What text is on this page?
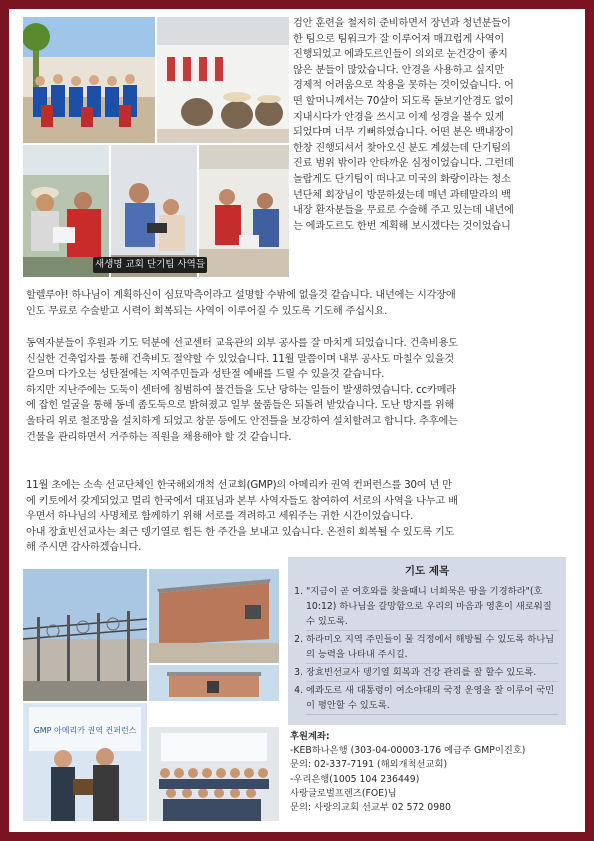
새생명 교회 단기팀 사역들
검안 훈련을 철저히 준비하면서 장년과 청년분들이
한 팀으로 팀워크가 잘 이루어져 매끄럽게 사역이
진행되었고 에콰도르인들이 의외로 눈건강이 좋지
않은 분들이 많았습니다. 안경을 사용하고 싶지만
경제적 어려움으로 착용을 못하는 것이었습니다. 어
떤 할머니께서는 70살이 되도록 돋보기안경도 없이
지내시다가 안경을 쓰시고 이제 성경을 볼수 있게
되었다며 너무 기뻐하였습니다. 어떤 분은 백내장이
한창 진행되셔서 찾아오신 분도 계셨는데 단기팀의
진료 범위 밖이라 안타까운 심정이었습니다. 그런데
놀랍게도 단기팀이 떠나고 미국의 화랑이라는 청소
년단체 회장님이 방문하셨는데 매년 과테말라의 백
내장 환자분들을 무료로 수술해 주고 있는데 내년에
는 에콰도르도 한번 계획해 보시겠다는 것이었습니
할렐루야! 하나님이 계획하신이 심묘막측이라고 설명할 수밖에 없을것 같습니다. 내년에는 시각장애
인도 무료로 수술받고 시력이 회복되는 사역이 이루어질 수 있도록 기도해 주십시요.
동역자분들이 후원과 기도 덕분에 선교센터 교육관의 외부 공사를 잘 마치게 되었습니다. 건축비용도
신실한 건축업자를 통해 건축비도 절약할 수 있었습니다. 11월 말쯤이며 내부 공사도 마칠수 있을것
같으며 다가오는 성탄절에는 지역주민들과 성탄절 예배를 드릴 수 있을것 같습니다.
하지만 지난주에는 도둑이 센터에 침범하여 물건들을 도난 당하는 일들이 발생하였습니다. cc카메라
에 잡힌 얼굴을 통해 동네 좀도둑으로 밝혀졌고 일부 물품들은 되돌려 받았습니다. 도난 방지를 위해
울타리 위로 철조망을 설치하게 되었고 창문 등에도 안전틀을 보강하여 설치할려고 합니다. 추후에는
건물을 관리하면서 거주하는 직원을 채용해야 할 것 같습니다.
11월 초에는 소속 선교단체인 한국해외개척 선교회(GMP)의 아메리카 권역 컨퍼런스를 30여 년 만
에 키토에서 갖게되었고 멀리 한국에서 대표님과 본부 사역자들도 참여하여 서로의 사역을 나누고 배
우면서 하나님의 사명체로 함께하기 위해 서로를 격려하고 세워주는 귀한 시간이었습니다.
아내 장효빈선교사는 최근 뎅기열로 힘든 한 주간을 보내고 있습니다. 온전히 회복될 수 있도록 기도
해 주시면 감사하겠습니다.
GMP 아메리카 권역 컨퍼런스
기도 제목
1. "지금이 곧 여호와를 찾을때니 너희묵은 땅을 기경하라"(호10:12) 하나님을 갈망함으로 우리의 마음과 영혼이 새로워질 수 있도록.
2. 하라미오 지역 주민들이 물 걱정에서 해방될 수 있도록 하나님의 능력을 나타내 주시길.
3. 장효빈선교사 뎅기열 회복과 건강 관리를 잘 할수 있도록.
4. 에콰도르 새 대통령이 여소야대의 국정 운영을 잘 이루어 국민이 평안할 수 있도록.
후원계좌:
-KEB하나은행 (303-04-00003-176 예금주 GMP이진호)
문의: 02-337-7191 (해외개척선교회)
-우리은행(1005 104 236449)
사랑글로벌프렌즈(FOE)님
문의: 사랑의교회 선교부 02 572 0980
